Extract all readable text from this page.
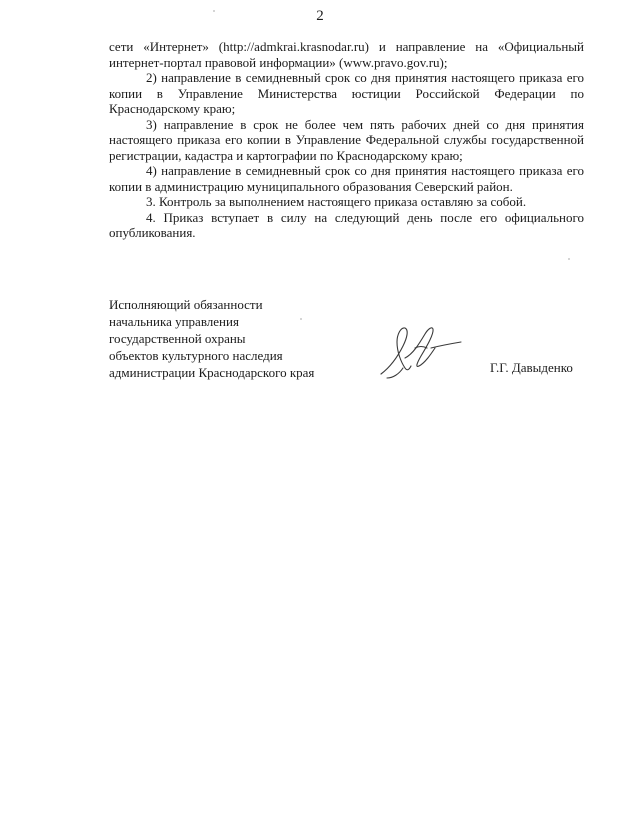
2

сети «Интернет» (http://admkrai.krasnodar.ru) и направление на «Официальный интернет-портал правовой информации» (www.pravo.gov.ru);

2) направление в семидневный срок со дня принятия настоящего приказа его копии в Управление Министерства юстиции Российской Федерации по Краснодарскому краю;

3) направление в срок не более чем пять рабочих дней со дня принятия настоящего приказа его копии в Управление Федеральной службы государственной регистрации, кадастра и картографии по Краснодарскому краю;

4) направление в семидневный срок со дня принятия настоящего приказа его копии в администрацию муниципального образования Северский район.

3. Контроль за выполнением настоящего приказа оставляю за собой.

4. Приказ вступает в силу на следующий день после его официального опубликования.

Исполняющий обязанности
начальника управления
государственной охраны
объектов культурного наследия
администрации Краснодарского края	Г.Г. Давыденко
